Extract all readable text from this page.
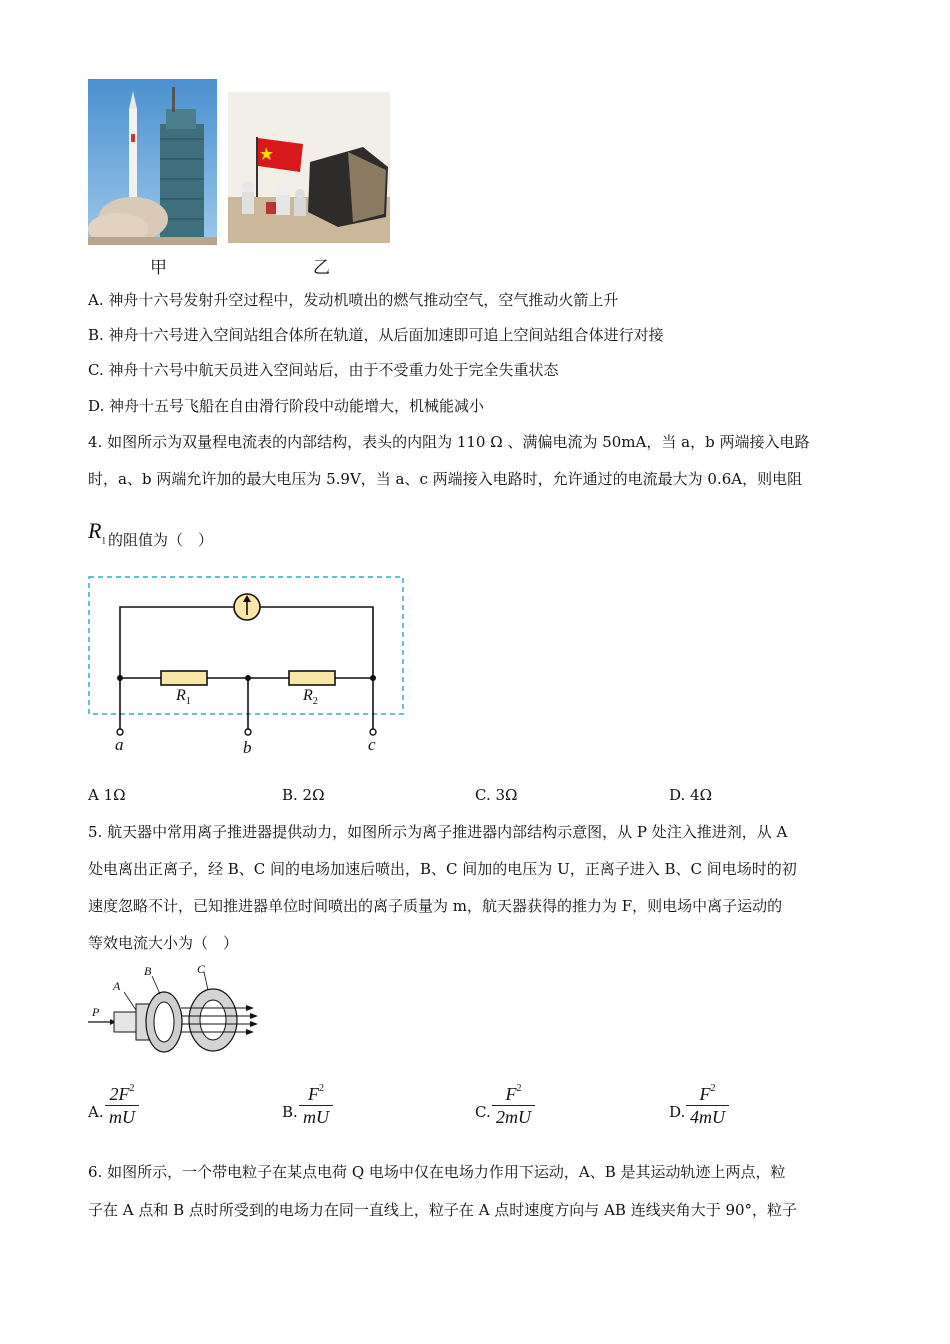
甲	乙
A. 神舟十六号发射升空过程中，发动机喷出的燃气推动空气，空气推动火箭上升
B. 神舟十六号进入空间站组合体所在轨道，从后面加速即可追上空间站组合体进行对接
C. 神舟十六号中航天员进入空间站后，由于不受重力处于完全失重状态
D. 神舟十五号飞船在自由滑行阶段中动能增大，机械能减小
4. 如图所示为双量程电流表的内部结构，表头的内阻为 110 Ω 、满偏电流为 50mA，当 a，b 两端接入电路
时，a、b 两端允许加的最大电压为 5.9V，当 a、c 两端接入电路时，允许通过的电流最大为 0.6A，则电阻
$R_1$ 的阻值为（　）
$R_1$	$R_2$
a	b	c
A 1Ω	B. 2Ω	C. 3Ω	D. 4Ω
5. 航天器中常用离子推进器提供动力，如图所示为离子推进器内部结构示意图，从 P 处注入推进剂，从 A
处电离出正离子，经 B、C 间的电场加速后喷出，B、C 间加的电压为 U，正离子进入 B、C 间电场时的初
速度忽略不计，已知推进器单位时间喷出的离子质量为 m，航天器获得的推力为 F，则电场中离子运动的
等效电流大小为（　）
A
B	C
P
A. $\frac{2F^2}{mU}$	B. $\frac{F^2}{mU}$	C. $\frac{F^2}{2mU}$	D. $\frac{F^2}{4mU}$
6. 如图所示，一个带电粒子在某点电荷 Q 电场中仅在电场力作用下运动，A、B 是其运动轨迹上两点，粒
子在 A 点和 B 点时所受到的电场力在同一直线上，粒子在 A 点时速度方向与 AB 连线夹角大于 90°，粒子
